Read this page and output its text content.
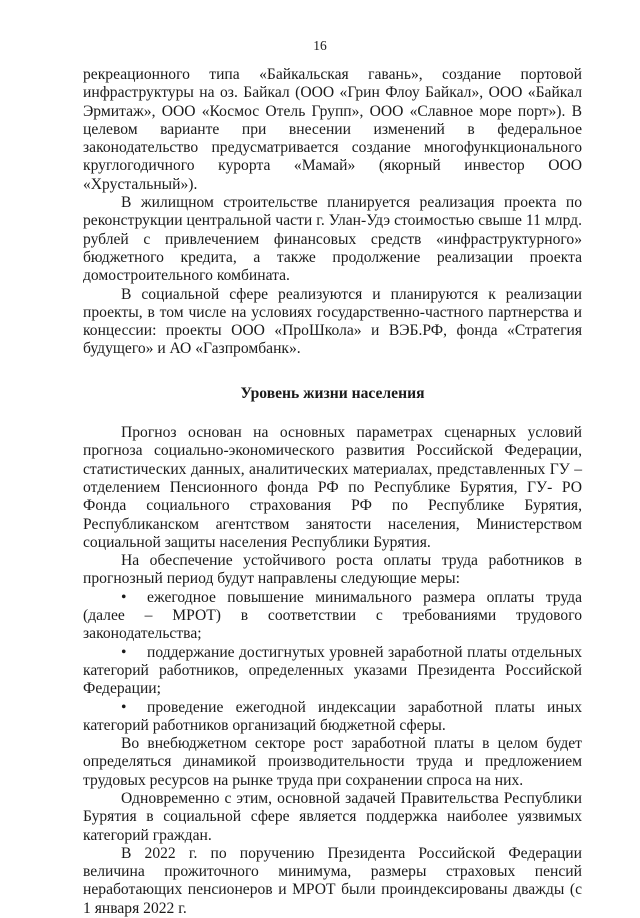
16

рекреационного типа «Байкальская гавань», создание портовой инфраструктуры на оз. Байкал (ООО «Грин Флоу Байкал», ООО «Байкал Эрмитаж», ООО «Космос Отель Групп», ООО «Славное море порт»). В целевом варианте при внесении изменений в федеральное законодательство предусматривается создание многофункционального круглогодичного курорта «Мамай» (якорный инвестор ООО «Хрустальный»).

В жилищном строительстве планируется реализация проекта по реконструкции центральной части г. Улан-Удэ стоимостью свыше 11 млрд. рублей с привлечением финансовых средств «инфраструктурного» бюджетного кредита, а также продолжение реализации проекта домостроительного комбината.

В социальной сфере реализуются и планируются к реализации проекты, в том числе на условиях государственно-частного партнерства и концессии: проекты ООО «ПроШкола» и ВЭБ.РФ, фонда «Стратегия будущего» и АО «Газпромбанк».

Уровень жизни населения

Прогноз основан на основных параметрах сценарных условий прогноза социально-экономического развития Российской Федерации, статистических данных, аналитических материалах, представленных ГУ – отделением Пенсионного фонда РФ по Республике Бурятия, ГУ- РО Фонда социального страхования РФ по Республике Бурятия, Республиканском агентством занятости населения, Министерством социальной защиты населения Республики Бурятия.

На обеспечение устойчивого роста оплаты труда работников в прогнозный период будут направлены следующие меры:

• ежегодное повышение минимального размера оплаты труда (далее – МРОТ) в соответствии с требованиями трудового законодательства;
• поддержание достигнутых уровней заработной платы отдельных категорий работников, определенных указами Президента Российской Федерации;
• проведение ежегодной индексации заработной платы иных категорий работников организаций бюджетной сферы.

Во внебюджетном секторе рост заработной платы в целом будет определяться динамикой производительности труда и предложением трудовых ресурсов на рынке труда при сохранении спроса на них.

Одновременно с этим, основной задачей Правительства Республики Бурятия в социальной сфере является поддержка наиболее уязвимых категорий граждан.

В 2022 г. по поручению Президента Российской Федерации величина прожиточного минимума, размеры страховых пенсий неработающих пенсионеров и МРОТ были проиндексированы дважды (с 1 января 2022 г.
